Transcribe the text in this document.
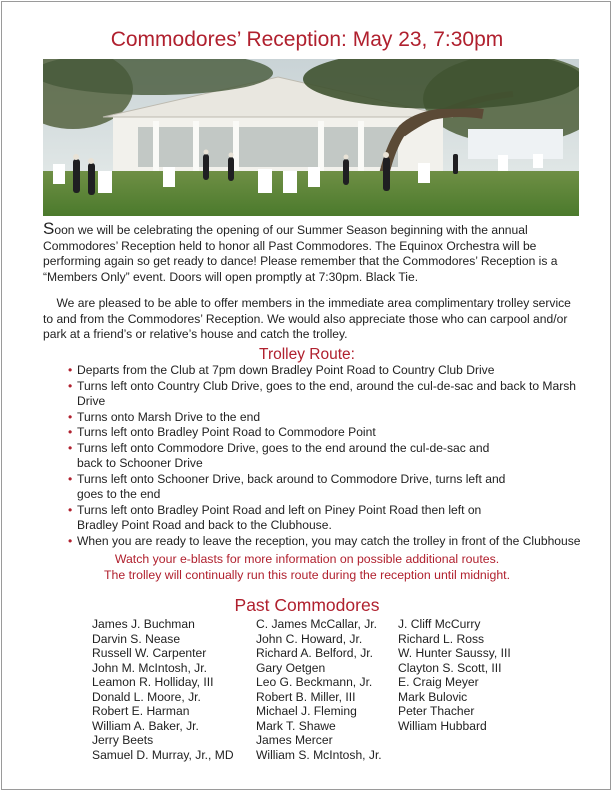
Commodores’ Reception: May 23, 7:30pm

Soon we will be celebrating the opening of our Summer Season beginning with the annual Commodores’ Reception held to honor all Past Commodores. The Equinox Orchestra will be performing again so get ready to dance! Please remember that the Commodores’ Reception is a “Members Only” event. Doors will open promptly at 7:30pm. Black Tie.

We are pleased to be able to offer members in the immediate area complimentary trolley service to and from the Commodores’ Reception. We would also appreciate those who can carpool and/or park at a friend’s or relative’s house and catch the trolley.

Trolley Route:
• Departs from the Club at 7pm down Bradley Point Road to Country Club Drive
• Turns left onto Country Club Drive, goes to the end, around the cul-de-sac and back to Marsh Drive
• Turns onto Marsh Drive to the end
• Turns left onto Bradley Point Road to Commodore Point
• Turns left onto Commodore Drive, goes to the end around the cul-de-sac and back to Schooner Drive
• Turns left onto Schooner Drive, back around to Commodore Drive, turns left and goes to the end
• Turns left onto Bradley Point Road and left on Piney Point Road then left on Bradley Point Road and back to the Clubhouse.
• When you are ready to leave the reception, you may catch the trolley in front of the Clubhouse
Watch your e-blasts for more information on possible additional routes.
The trolley will continually run this route during the reception until midnight.
Past Commodores
James J. Buchman
Darvin S. Nease
Russell W. Carpenter
John M. McIntosh, Jr.
Leamon R. Holliday, III
Donald L. Moore, Jr.
Robert E. Harman
William A. Baker, Jr.
Jerry Beets
Samuel D. Murray, Jr., MD
C. James McCallar, Jr.
John C. Howard, Jr.
Richard A. Belford, Jr.
Gary Oetgen
Leo G. Beckmann, Jr.
Robert B. Miller, III
Michael J. Fleming
Mark T. Shawe
James Mercer
William S. McIntosh, Jr.
J. Cliff McCurry
Richard L. Ross
W. Hunter Saussy, III
Clayton S. Scott, III
E. Craig Meyer
Mark Bulovic
Peter Thacher
William Hubbard
